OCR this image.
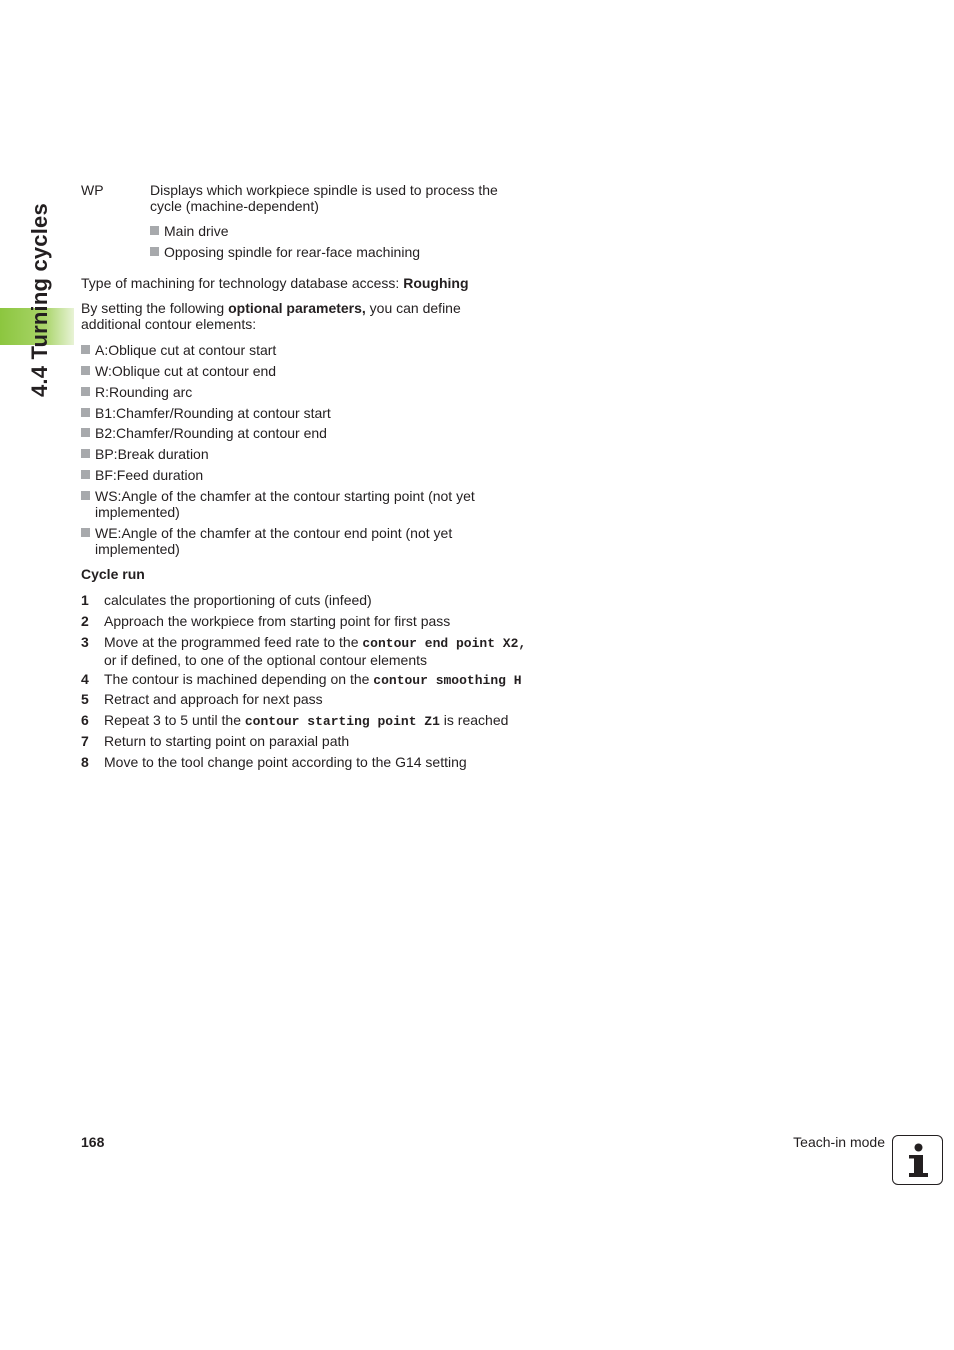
4.4 Turning cycles
WP	Displays which workpiece spindle is used to process the cycle (machine-dependent)
Main drive
Opposing spindle for rear-face machining
Type of machining for technology database access: Roughing
By setting the following optional parameters, you can define additional contour elements:
A:Oblique cut at contour start
W:Oblique cut at contour end
R:Rounding arc
B1:Chamfer/Rounding at contour start
B2:Chamfer/Rounding at contour end
BP:Break duration
BF:Feed duration
WS:Angle of the chamfer at the contour starting point (not yet implemented)
WE:Angle of the chamfer at the contour end point (not yet implemented)
Cycle run
1	calculates the proportioning of cuts (infeed)
2	Approach the workpiece from starting point for first pass
3	Move at the programmed feed rate to the contour end point X2, or if defined, to one of the optional contour elements
4	The contour is machined depending on the contour smoothing H
5	Retract and approach for next pass
6	Repeat 3 to 5 until the contour starting point Z1 is reached
7	Return to starting point on paraxial path
8	Move to the tool change point according to the G14 setting
168	Teach-in mode
